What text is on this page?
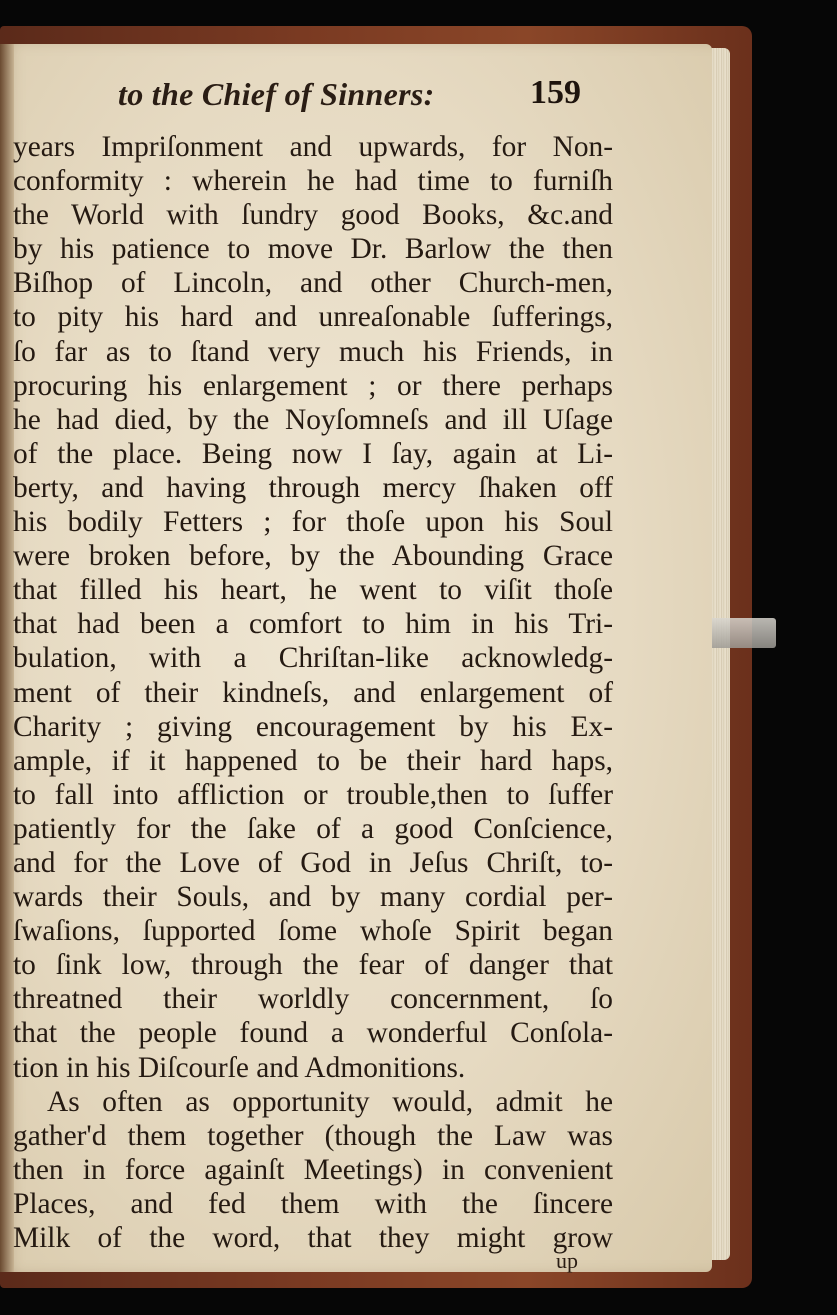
to the Chief of Sinners:	159
years Impriſonment and upwards, for Non-
conformity : wherein he had time to furniſh
the World with ſundry good Books, &c.and
by his patience to move Dr. Barlow the then
Biſhop of Lincoln, and other Church-men,
to pity his hard and unreaſonable ſufferings,
ſo far as to ſtand very much his Friends, in
procuring his enlargement ; or there perhaps
he had died, by the Noyſomneſs and ill Uſage
of the place. Being now I ſay, again at Li-
berty, and having through mercy ſhaken off
his bodily Fetters ; for thoſe upon his Soul
were broken before, by the Abounding Grace
that filled his heart, he went to viſit thoſe
that had been a comfort to him in his Tri-
bulation, with a Chriſtan-like acknowledg-
ment of their kindneſs, and enlargement of
Charity ; giving encouragement by his Ex-
ample, if it happened to be their hard haps,
to fall into affliction or trouble,then to ſuffer
patiently for the ſake of a good Conſcience,
and for the Love of God in Jeſus Chriſt, to-
wards their Souls, and by many cordial per-
ſwaſions, ſupported ſome whoſe Spirit began
to ſink low, through the fear of danger that
threatned their worldly concernment, ſo
that the people found a wonderful Conſola-
tion in his Diſcourſe and Admonitions.
As often as opportunity would, admit he
gather'd them together (though the Law was
then in force againſt Meetings) in convenient
Places, and fed them with the ſincere
Milk of the word, that they might grow
up
